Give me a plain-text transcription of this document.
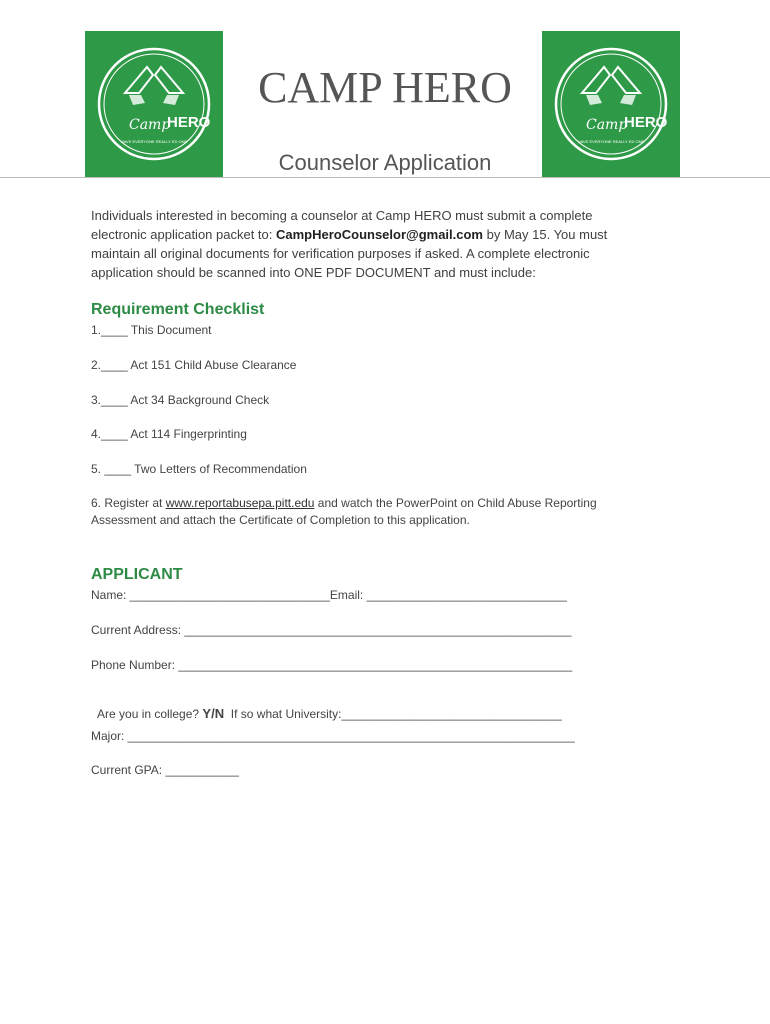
Camp
HERO
HAVE EVERYONE REALLY ED ONE
Camp
HERO
HAVE EVERYONE REALLY ED ONE
CAMP HERO
Counselor Application
Individuals interested in becoming a counselor at Camp HERO must submit a complete electronic application packet to: CampHeroCounselor@gmail.com by May 15. You must maintain all original documents for verification purposes if asked. A complete electronic application should be scanned into ONE PDF DOCUMENT and must include:
Requirement Checklist
1.____ This Document
2.____ Act 151 Child Abuse Clearance
3.____ Act 34 Background Check
4.____ Act 114 Fingerprinting
5. ____ Two Letters of Recommendation
6. Register at www.reportabusepa.pitt.edu and watch the PowerPoint on Child Abuse Reporting Assessment and attach the Certificate of Completion to this application.
APPLICANT
Name: ______________________________Email: ______________________________
Current Address: __________________________________________________________
Phone Number: ___________________________________________________________

Are you in college? Y/N  If so what University:_________________________________

Major: ___________________________________________________________________
Current GPA: ___________
